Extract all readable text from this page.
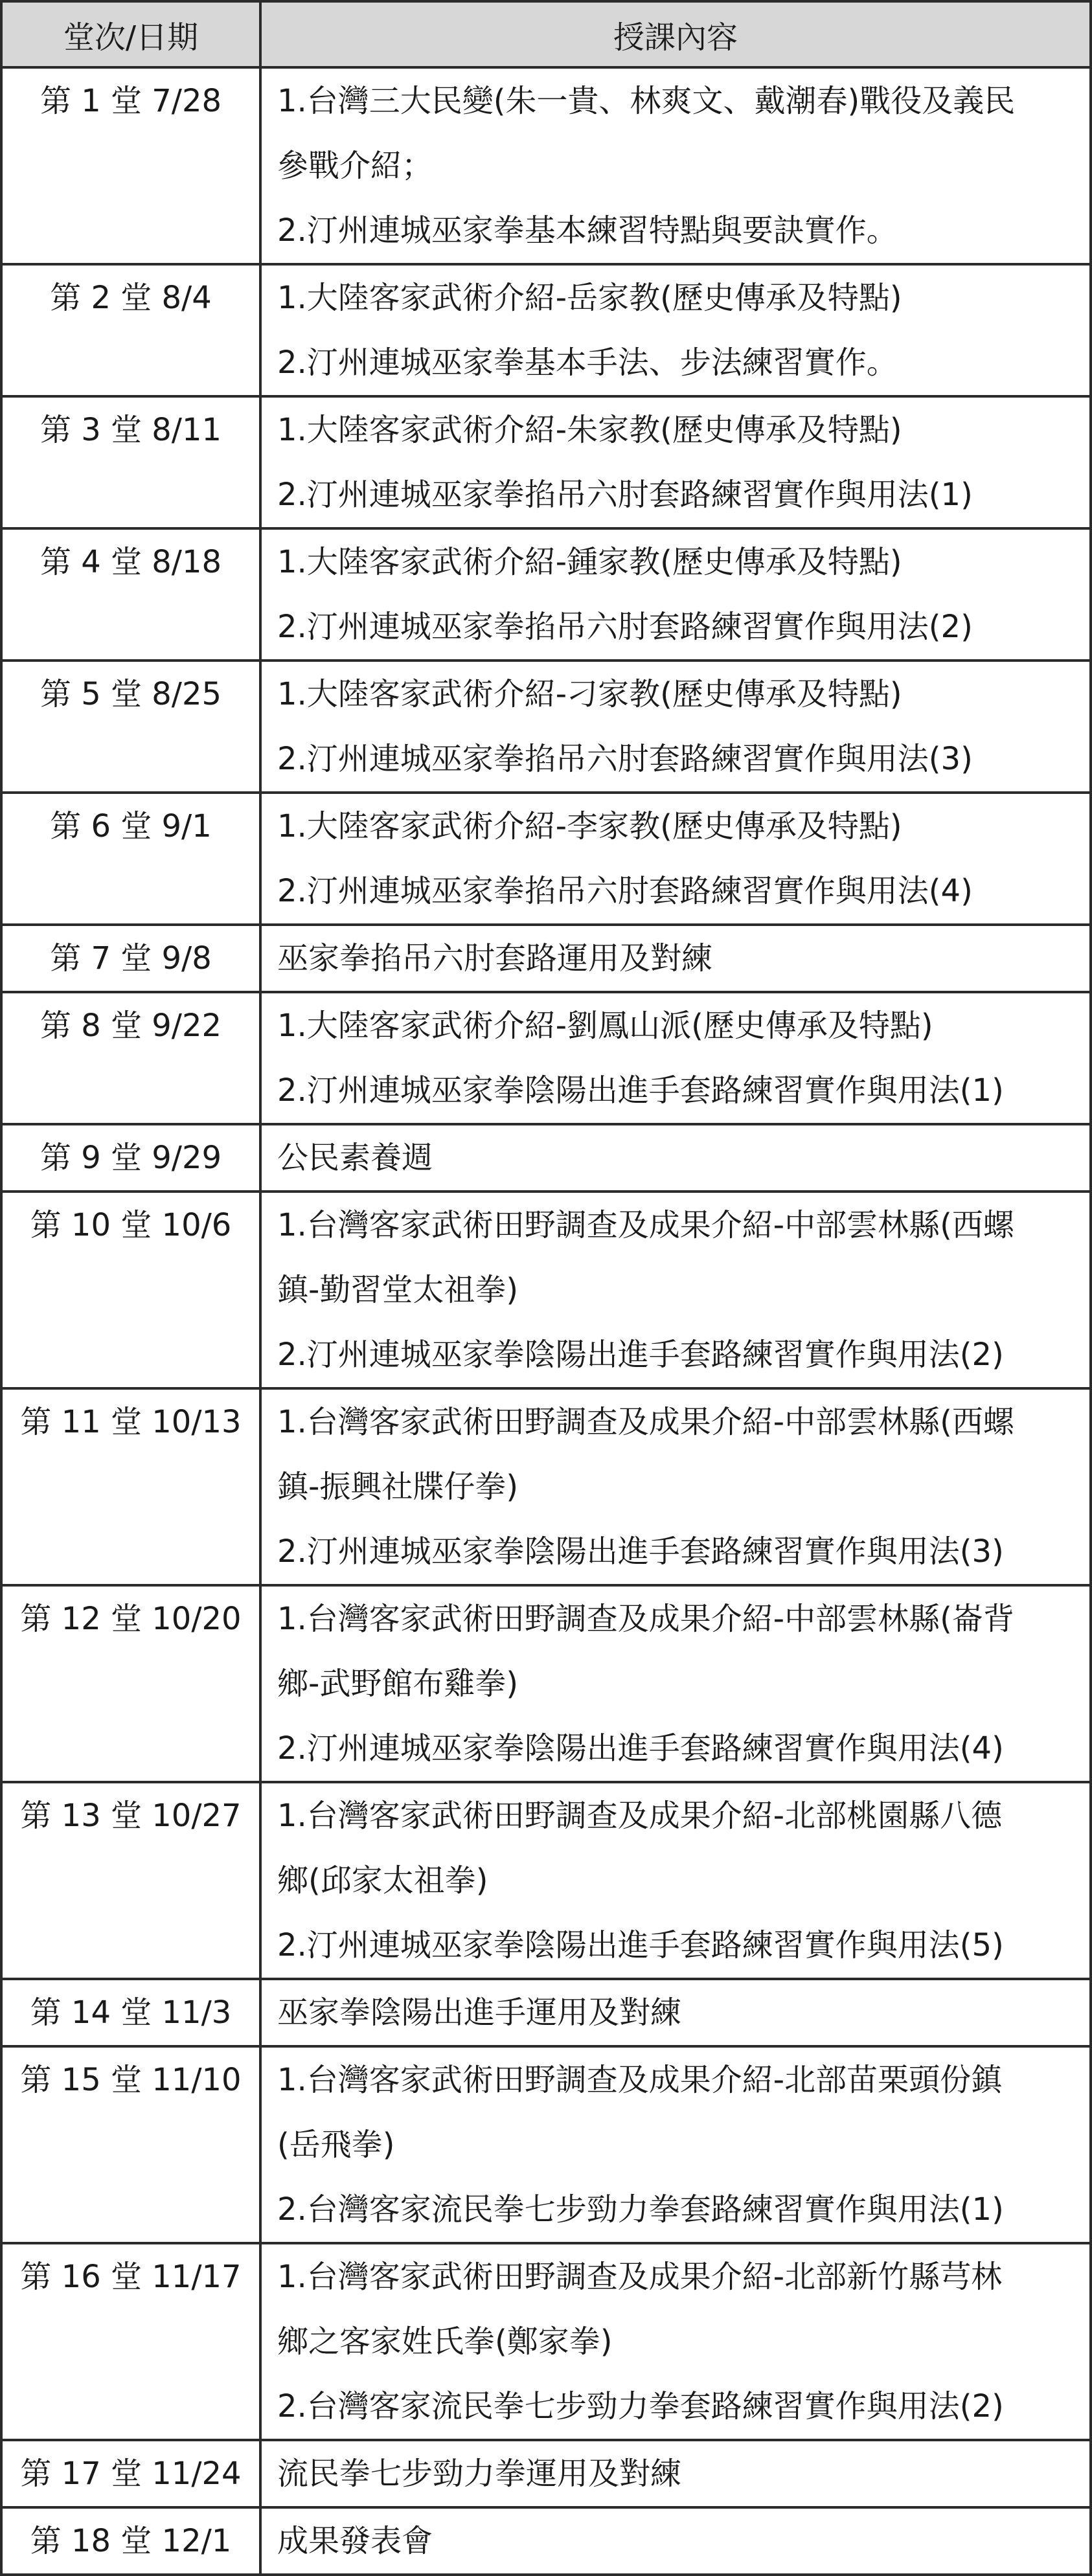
堂次/日期	授課內容
第 1 堂 7/28	1.台灣三大民變(朱一貴、林爽文、戴潮春)戰役及義民
參戰介紹；
2.汀州連城巫家拳基本練習特點與要訣實作。

第 2 堂 8/4	1.大陸客家武術介紹-岳家教(歷史傳承及特點)
2.汀州連城巫家拳基本手法、步法練習實作。

第 3 堂 8/11	1.大陸客家武術介紹-朱家教(歷史傳承及特點)
2.汀州連城巫家拳掐吊六肘套路練習實作與用法(1)

第 4 堂 8/18	1.大陸客家武術介紹-鍾家教(歷史傳承及特點)
2.汀州連城巫家拳掐吊六肘套路練習實作與用法(2)

第 5 堂 8/25	1.大陸客家武術介紹-刁家教(歷史傳承及特點)
2.汀州連城巫家拳掐吊六肘套路練習實作與用法(3)

第 6 堂 9/1	1.大陸客家武術介紹-李家教(歷史傳承及特點)
2.汀州連城巫家拳掐吊六肘套路練習實作與用法(4)

第 7 堂 9/8	巫家拳掐吊六肘套路運用及對練

第 8 堂 9/22	1.大陸客家武術介紹-劉鳳山派(歷史傳承及特點)
2.汀州連城巫家拳陰陽出進手套路練習實作與用法(1)

第 9 堂 9/29	公民素養週

第 10 堂 10/6	1.台灣客家武術田野調查及成果介紹-中部雲林縣(西螺
鎮-勤習堂太祖拳)
2.汀州連城巫家拳陰陽出進手套路練習實作與用法(2)

第 11 堂 10/13	1.台灣客家武術田野調查及成果介紹-中部雲林縣(西螺
鎮-振興社牒仔拳)
2.汀州連城巫家拳陰陽出進手套路練習實作與用法(3)

第 12 堂 10/20	1.台灣客家武術田野調查及成果介紹-中部雲林縣(崙背
鄉-武野館布雞拳)
2.汀州連城巫家拳陰陽出進手套路練習實作與用法(4)

第 13 堂 10/27	1.台灣客家武術田野調查及成果介紹-北部桃園縣八德
鄉(邱家太祖拳)
2.汀州連城巫家拳陰陽出進手套路練習實作與用法(5)

第 14 堂 11/3	巫家拳陰陽出進手運用及對練

第 15 堂 11/10	1.台灣客家武術田野調查及成果介紹-北部苗栗頭份鎮
(岳飛拳)
2.台灣客家流民拳七步勁力拳套路練習實作與用法(1)

第 16 堂 11/17	1.台灣客家武術田野調查及成果介紹-北部新竹縣芎林
鄉之客家姓氏拳(鄭家拳)
2.台灣客家流民拳七步勁力拳套路練習實作與用法(2)

第 17 堂 11/24	流民拳七步勁力拳運用及對練

第 18 堂 12/1	成果發表會
